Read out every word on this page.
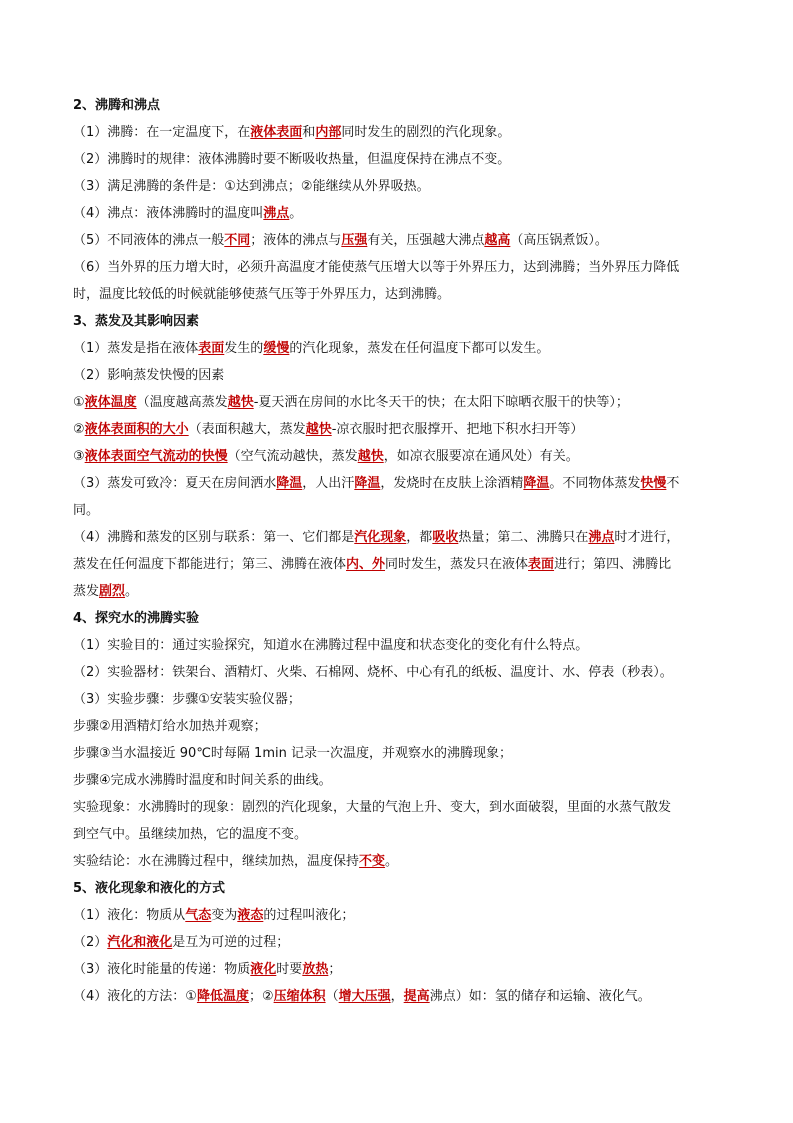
2、沸腾和沸点
（1）沸腾：在一定温度下，在液体表面和内部同时发生的剧烈的汽化现象。
（2）沸腾时的规律：液体沸腾时要不断吸收热量，但温度保持在沸点不变。
（3）满足沸腾的条件是：①达到沸点；②能继续从外界吸热。
（4）沸点：液体沸腾时的温度叫沸点。
（5）不同液体的沸点一般不同；液体的沸点与压强有关，压强越大沸点越高（高压锅煮饭）。
（6）当外界的压力增大时，必须升高温度才能使蒸气压增大以等于外界压力，达到沸腾；当外界压力降低
时，温度比较低的时候就能够使蒸气压等于外界压力，达到沸腾。
3、蒸发及其影响因素
（1）蒸发是指在液体表面发生的缓慢的汽化现象，蒸发在任何温度下都可以发生。
（2）影响蒸发快慢的因素
①液体温度（温度越高蒸发越快-夏天洒在房间的水比冬天干的快；在太阳下晾晒衣服干的快等）；
②液体表面积的大小（表面积越大，蒸发越快-凉衣服时把衣服撑开、把地下积水扫开等）
③液体表面空气流动的快慢（空气流动越快，蒸发越快，如凉衣服要凉在通风处）有关。
（3）蒸发可致冷：夏天在房间洒水降温，人出汗降温，发烧时在皮肤上涂酒精降温。不同物体蒸发快慢不
同。
（4）沸腾和蒸发的区别与联系：第一、它们都是汽化现象，都吸收热量；第二、沸腾只在沸点时才进行，
蒸发在任何温度下都能进行；第三、沸腾在液体内、外同时发生，蒸发只在液体表面进行；第四、沸腾比
蒸发剧烈。
4、探究水的沸腾实验
（1）实验目的：通过实验探究，知道水在沸腾过程中温度和状态变化的变化有什么特点。
（2）实验器材：铁架台、酒精灯、火柴、石棉网、烧杯、中心有孔的纸板、温度计、水、停表（秒表）。
（3）实验步骤：步骤①安装实验仪器；
步骤②用酒精灯给水加热并观察；
步骤③当水温接近 90℃时每隔 1min 记录一次温度，并观察水的沸腾现象；
步骤④完成水沸腾时温度和时间关系的曲线。
实验现象：水沸腾时的现象：剧烈的汽化现象，大量的气泡上升、变大，到水面破裂，里面的水蒸气散发
到空气中。虽继续加热，它的温度不变。
实验结论：水在沸腾过程中，继续加热，温度保持不变。
5、液化现象和液化的方式
（1）液化：物质从气态变为液态的过程叫液化；
（2）汽化和液化是互为可逆的过程；
（3）液化时能量的传递：物质液化时要放热；
（4）液化的方法：①降低温度；②压缩体积（增大压强，提高沸点）如：氢的储存和运输、液化气。
